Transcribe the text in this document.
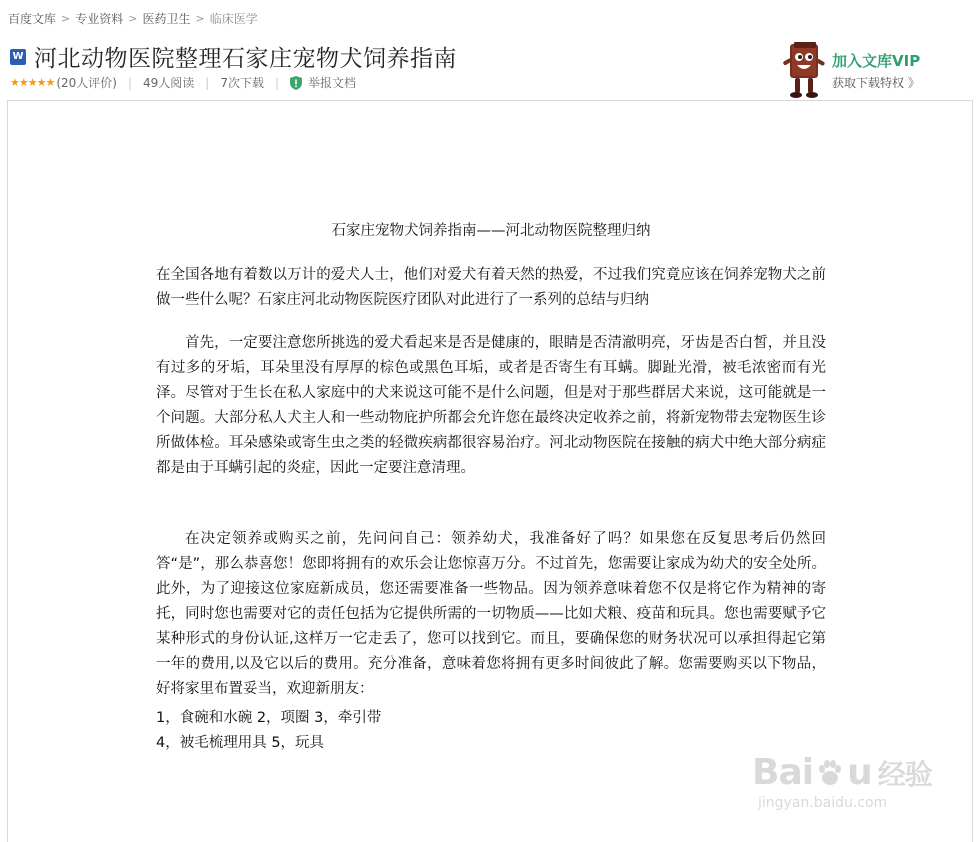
百度文库 > 专业资料 > 医药卫生 > 临床医学
W 河北动物医院整理石家庄宠物犬饲养指南
★★★★★ (20人评价) | 49人阅读 | 7次下载 | 举报文档
加入文库VIP
获取下载特权 》
石家庄宠物犬饲养指南——河北动物医院整理归纳

在全国各地有着数以万计的爱犬人士，他们对爱犬有着天然的热爱，不过我们究竟应该在饲养宠物犬之前做一些什么呢？石家庄河北动物医院医疗团队对此进行了一系列的总结与归纳

首先，一定要注意您所挑选的爱犬看起来是否是健康的，眼睛是否清澈明亮，牙齿是否白皙，并且没有过多的牙垢，耳朵里没有厚厚的棕色或黑色耳垢，或者是否寄生有耳螨。脚趾光滑，被毛浓密而有光泽。尽管对于生长在私人家庭中的犬来说这可能不是什么问题，但是对于那些群居犬来说，这可能就是一个问题。大部分私人犬主人和一些动物庇护所都会允许您在最终决定收养之前，将新宠物带去宠物医生诊所做体检。耳朵感染或寄生虫之类的轻微疾病都很容易治疗。河北动物医院在接触的病犬中绝大部分病症都是由于耳螨引起的炎症，因此一定要注意清理。

在决定领养或购买之前，先问问自己：领养幼犬，我准备好了吗？如果您在反复思考后仍然回答“是”，那么恭喜您！您即将拥有的欢乐会让您惊喜万分。不过首先，您需要让家成为幼犬的安全处所。此外，为了迎接这位家庭新成员，您还需要准备一些物品。因为领养意味着您不仅是将它作为精神的寄托，同时您也需要对它的责任包括为它提供所需的一切物质——比如犬粮、疫苗和玩具。您也需要赋予它某种形式的身份认证,这样万一它走丢了，您可以找到它。而且，要确保您的财务状况可以承担得起它第一年的费用,以及它以后的费用。充分准备，意味着您将拥有更多时间彼此了解。您需要购买以下物品，好将家里布置妥当，欢迎新朋友：

1，食碗和水碗 2，项圈 3，牵引带
4，被毛梳理用具 5，玩具
Bai u 经验
jingyan.baidu.com
